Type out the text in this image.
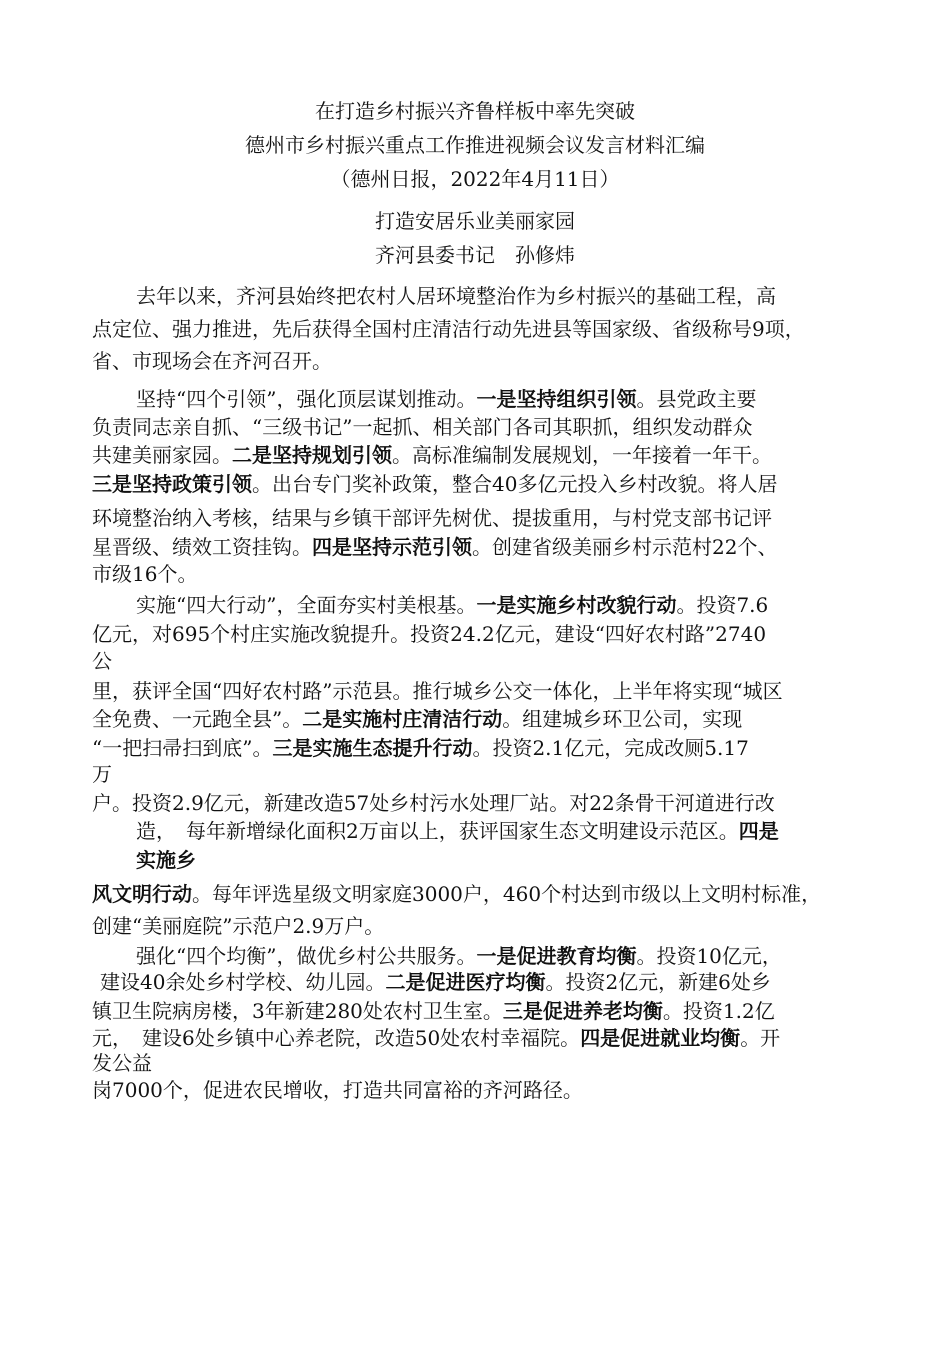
在打造乡村振兴齐鲁样板中率先突破
德州市乡村振兴重点工作推进视频会议发言材料汇编
（德州日报，2022年4月11日）
打造安居乐业美丽家园
齐河县委书记　孙修炜
去年以来，齐河县始终把农村人居环境整治作为乡村振兴的基础工程，高
点定位、强力推进，先后获得全国村庄清洁行动先进县等国家级、省级称号9项，
省、市现场会在齐河召开。
坚持“四个引领”，强化顶层谋划推动。一是坚持组织引领。县党政主要
负责同志亲自抓、“三级书记”一起抓、相关部门各司其职抓，组织发动群众
共建美丽家园。二是坚持规划引领。高标准编制发展规划，一年接着一年干。
三是坚持政策引领。出台专门奖补政策，整合40多亿元投入乡村改貌。将人居
环境整治纳入考核，结果与乡镇干部评先树优、提拔重用，与村党支部书记评
星晋级、绩效工资挂钩。四是坚持示范引领。创建省级美丽乡村示范村22个、
市级16个。
实施“四大行动”，全面夯实村美根基。一是实施乡村改貌行动。投资7.6
亿元，对695个村庄实施改貌提升。投资24.2亿元，建设“四好农村路”2740
公
里，获评全国“四好农村路”示范县。推行城乡公交一体化，上半年将实现“城区
全免费、一元跑全县”。二是实施村庄清洁行动。组建城乡环卫公司，实现
“一把扫帚扫到底”。三是实施生态提升行动。投资2.1亿元，完成改厕5.17
万
户。投资2.9亿元，新建改造57处乡村污水处理厂站。对22条骨干河道进行改
造，　每年新增绿化面积2万亩以上，获评国家生态文明建设示范区。四是
实施乡
风文明行动。每年评选星级文明家庭3000户，460个村达到市级以上文明村标准，
创建“美丽庭院”示范户2.9万户。
强化“四个均衡”，做优乡村公共服务。一是促进教育均衡。投资10亿元，
建设40余处乡村学校、幼儿园。二是促进医疗均衡。投资2亿元，新建6处乡
镇卫生院病房楼，3年新建280处农村卫生室。三是促进养老均衡。投资1.2亿
元，　建设6处乡镇中心养老院，改造50处农村幸福院。四是促进就业均衡。开
发公益
岗7000个，促进农民增收，打造共同富裕的齐河路径。
